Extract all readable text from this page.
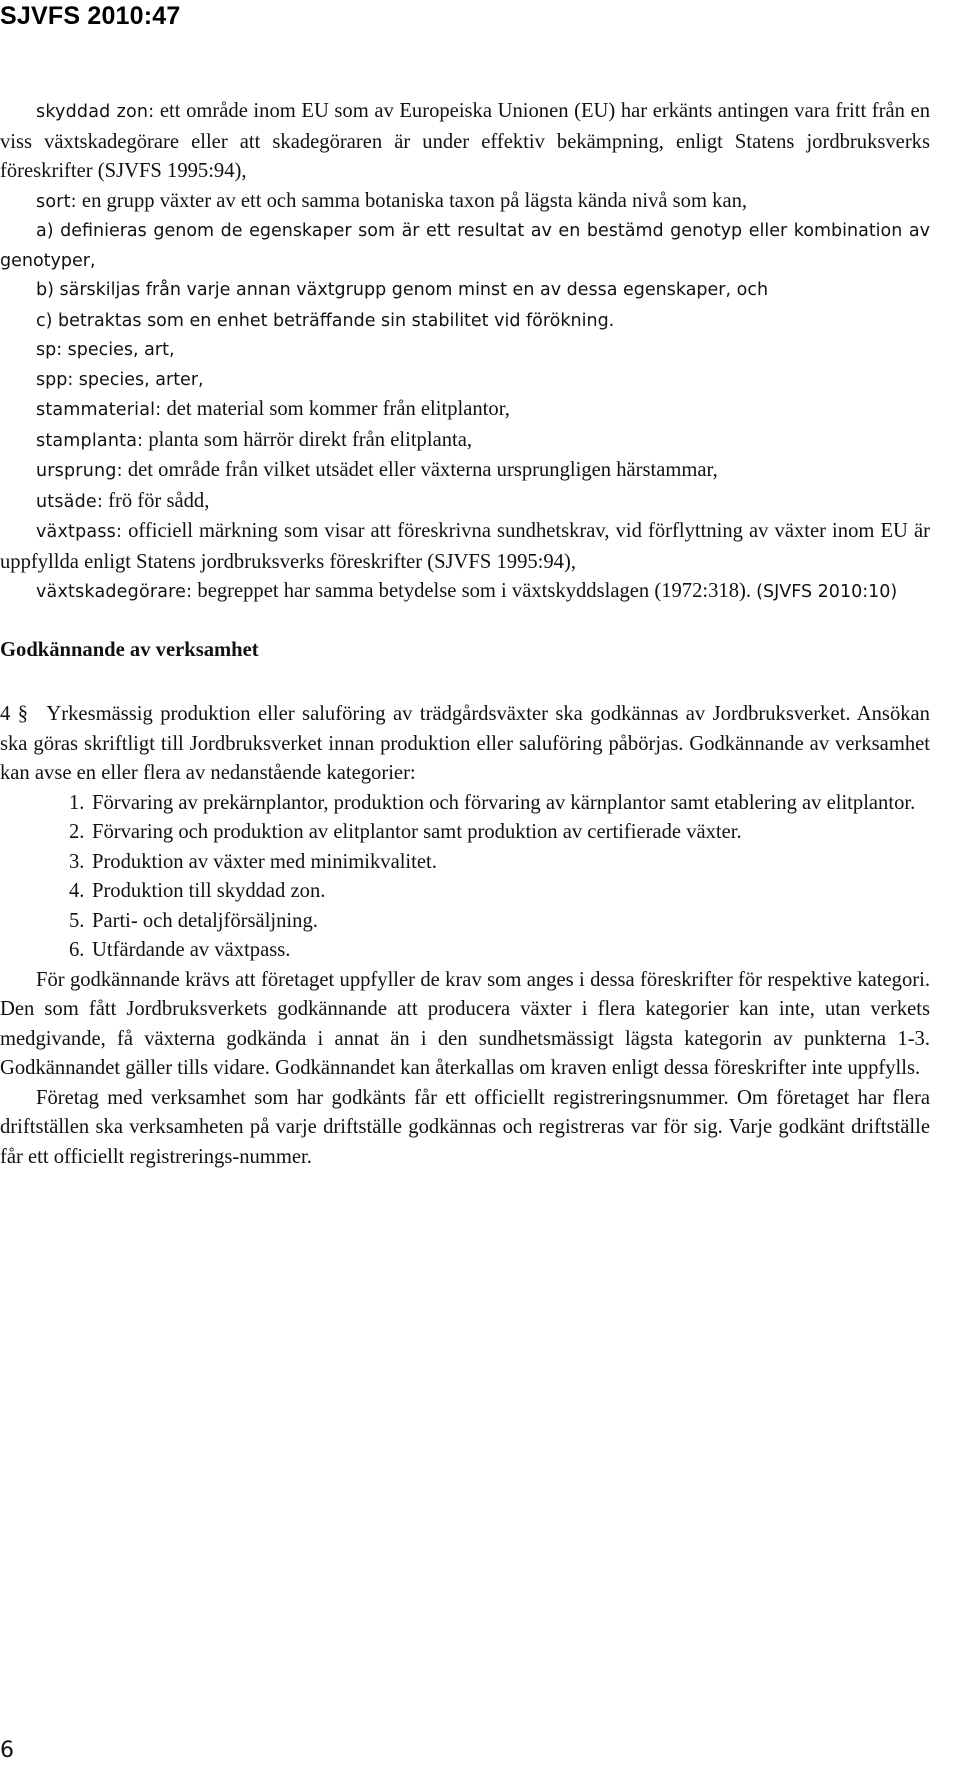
SJVFS 2010:47

skyddad zon: ett område inom EU som av Europeiska Unionen (EU) har erkänts antingen vara fritt från en viss växtskadegörare eller att skadegöraren är under effektiv bekämpning, enligt Statens jordbruksverks föreskrifter (SJVFS 1995:94),

sort: en grupp växter av ett och samma botaniska taxon på lägsta kända nivå som kan,

a) definieras genom de egenskaper som är ett resultat av en bestämd genotyp eller kombination av genotyper,

b) särskiljas från varje annan växtgrupp genom minst en av dessa egenskaper, och

c) betraktas som en enhet beträffande sin stabilitet vid förökning.

sp: species, art,

spp: species, arter,

stammaterial: det material som kommer från elitplantor,

stamplanta: planta som härrör direkt från elitplanta,

ursprung: det område från vilket utsädet eller växterna ursprungligen härstammar,

utsäde: frö för sådd,

växtpass: officiell märkning som visar att föreskrivna sundhetskrav, vid förflyttning av växter inom EU är uppfyllda enligt Statens jordbruksverks föreskrifter (SJVFS 1995:94),

växtskadegörare: begreppet har samma betydelse som i växtskyddslagen (1972:318). (SJVFS 2010:10)

Godkännande av verksamhet

4 § Yrkesmässig produktion eller saluföring av trädgårdsväxter ska godkännas av Jordbruksverket. Ansökan ska göras skriftligt till Jordbruksverket innan produktion eller saluföring påbörjas. Godkännande av verksamhet kan avse en eller flera av nedanstående kategorier:

1. Förvaring av prekärnplantor, produktion och förvaring av kärnplantor samt etablering av elitplantor.
2. Förvaring och produktion av elitplantor samt produktion av certifierade växter.
3. Produktion av växter med minimikvalitet.
4. Produktion till skyddad zon.
5. Parti- och detaljförsäljning.
6. Utfärdande av växtpass.

För godkännande krävs att företaget uppfyller de krav som anges i dessa föreskrifter för respektive kategori. Den som fått Jordbruksverkets godkännande att producera växter i flera kategorier kan inte, utan verkets medgivande, få växterna godkända i annat än i den sundhetsmässigt lägsta kategorin av punkterna 1-3. Godkännandet gäller tills vidare. Godkännandet kan återkallas om kraven enligt dessa föreskrifter inte uppfylls.

Företag med verksamhet som har godkänts får ett officiellt registreringsnummer. Om företaget har flera driftställen ska verksamheten på varje driftställe godkännas och registreras var för sig. Varje godkänt driftställe får ett officiellt registrerings-nummer.

6
